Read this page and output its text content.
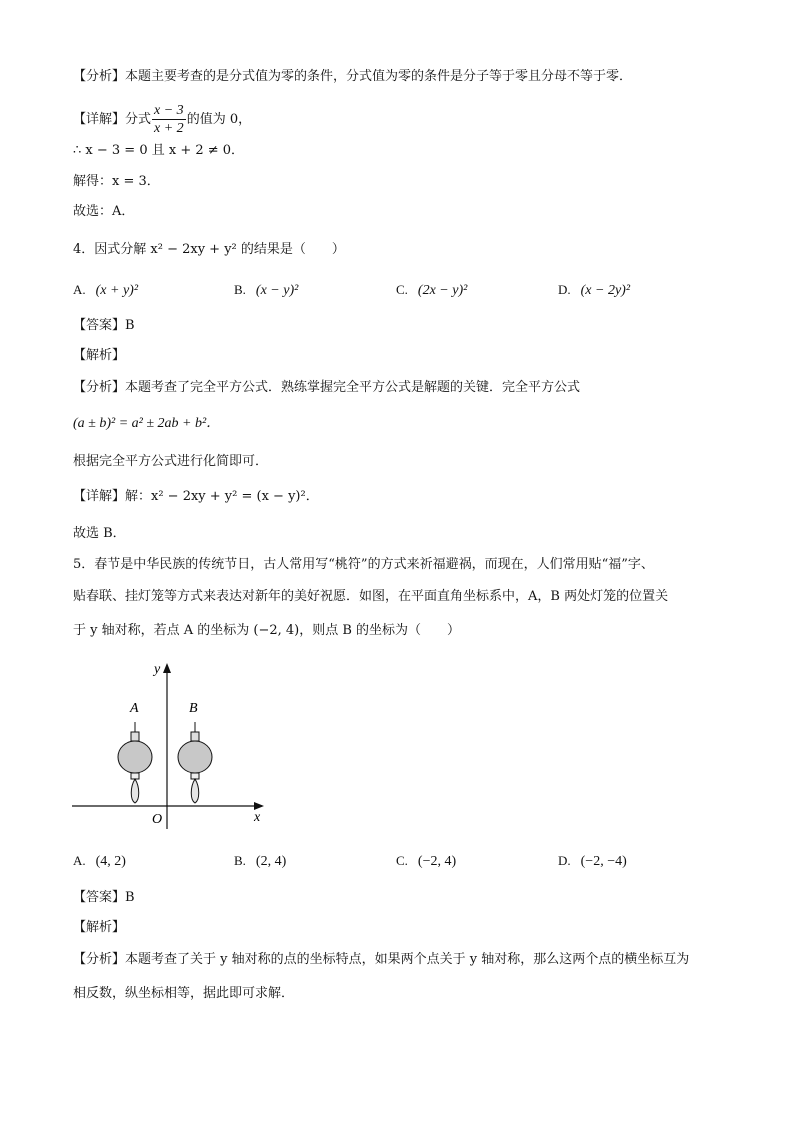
【分析】本题主要考查的是分式值为零的条件，分式值为零的条件是分子等于零且分母不等于零．
【详解】分式 $\frac{x - 3}{x + 2}$ 的值为 0，
∴ x − 3 = 0 且 x + 2 ≠ 0．
解得：x = 3．
故选：A．
4．因式分解 x² − 2xy + y² 的结果是（　　）
A. (x + y)²	B. (x − y)²	C. (2x − y)²	D. (x − 2y)²
【答案】B
【解析】
【分析】本题考查了完全平方公式．熟练掌握完全平方公式是解题的关键．完全平方公式
(a ± b)² = a² ± 2ab + b²．
根据完全平方公式进行化简即可．
【详解】解：x² − 2xy + y² = (x − y)²．
故选 B．
5．春节是中华民族的传统节日，古人常用写“桃符”的方式来祈福避祸，而现在，人们常用贴“福”字、
贴春联、挂灯笼等方式来表达对新年的美好祝愿．如图，在平面直角坐标系中，A，B 两处灯笼的位置关
于 y 轴对称，若点 A 的坐标为 (−2, 4)，则点 B 的坐标为（　　）
y
x
O
A	B
A. (4, 2)	B. (2, 4)	C. (−2, 4)	D. (−2, −4)
【答案】B
【解析】
【分析】本题考查了关于 y 轴对称的点的坐标特点，如果两个点关于 y 轴对称，那么这两个点的横坐标互为
相反数，纵坐标相等，据此即可求解．
